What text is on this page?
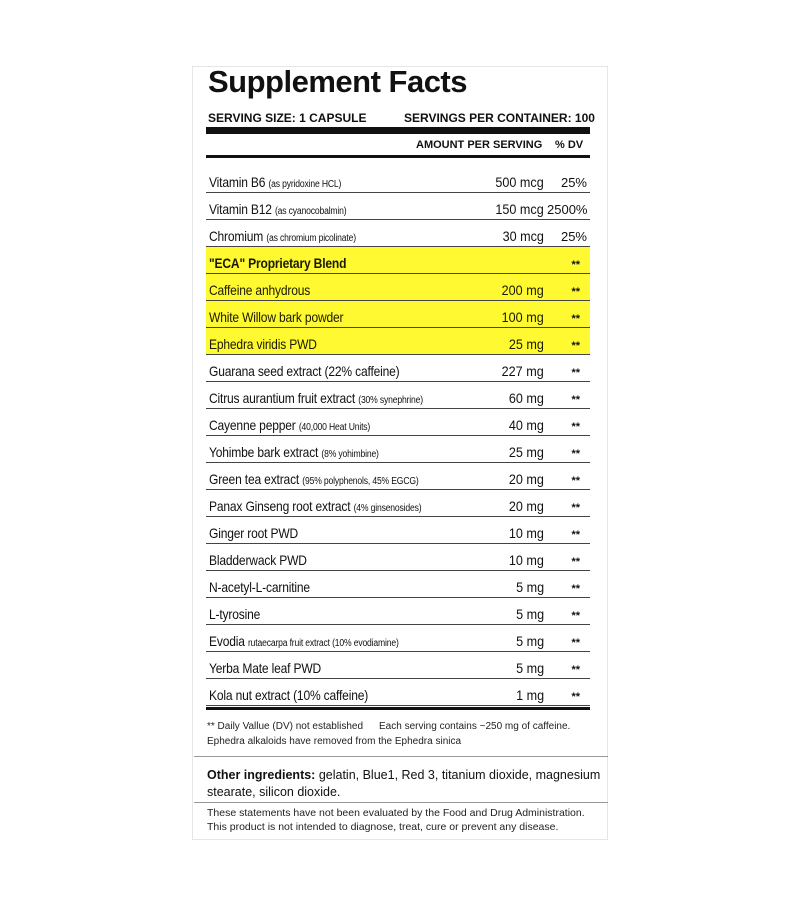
Supplement Facts
SERVING SIZE: 1 CAPSULE	SERVINGS PER CONTAINER: 100
AMOUNT PER SERVING % DV
Vitamin B6 (as pyridoxine HCL)	500 mcg	25%
Vitamin B12 (as cyanocobalmin)	150 mcg 2500%
Chromium (as chromium picolinate)	30 mcg	25%
"ECA" Proprietary Blend	**
Caffeine anhydrous	200 mg	**
White Willow bark powder	100 mg	**
Ephedra viridis PWD	25 mg	**
Guarana seed extract (22% caffeine)	227 mg	**
Citrus aurantium fruit extract (30% synephrine)	60 mg	**
Cayenne pepper (40,000 Heat Units)	40 mg	**
Yohimbe bark extract (8% yohimbine)	25 mg	**
Green tea extract (95% polyphenols, 45% EGCG)	20 mg	**
Panax Ginseng root extract (4% ginsenosides)	20 mg	**
Ginger root PWD	10 mg	**
Bladderwack PWD	10 mg	**
N-acetyl-L-carnitine	5 mg	**
L-tyrosine	5 mg	**
Evodia rutaecarpa fruit extract (10% evodiamine)	5 mg	**
Yerba Mate leaf PWD	5 mg	**
Kola nut extract (10% caffeine)	1 mg	**
** Daily Vallue (DV) not established Each serving contains ~250 mg of caffeine.
Ephedra alkaloids have removed from the Ephedra sinica
Other ingredients: gelatin, Blue1, Red 3, titanium dioxide, magnesium stearate, silicon dioxide.
These statements have not been evaluated by the Food and Drug Administration.
This product is not intended to diagnose, treat, cure or prevent any disease.
